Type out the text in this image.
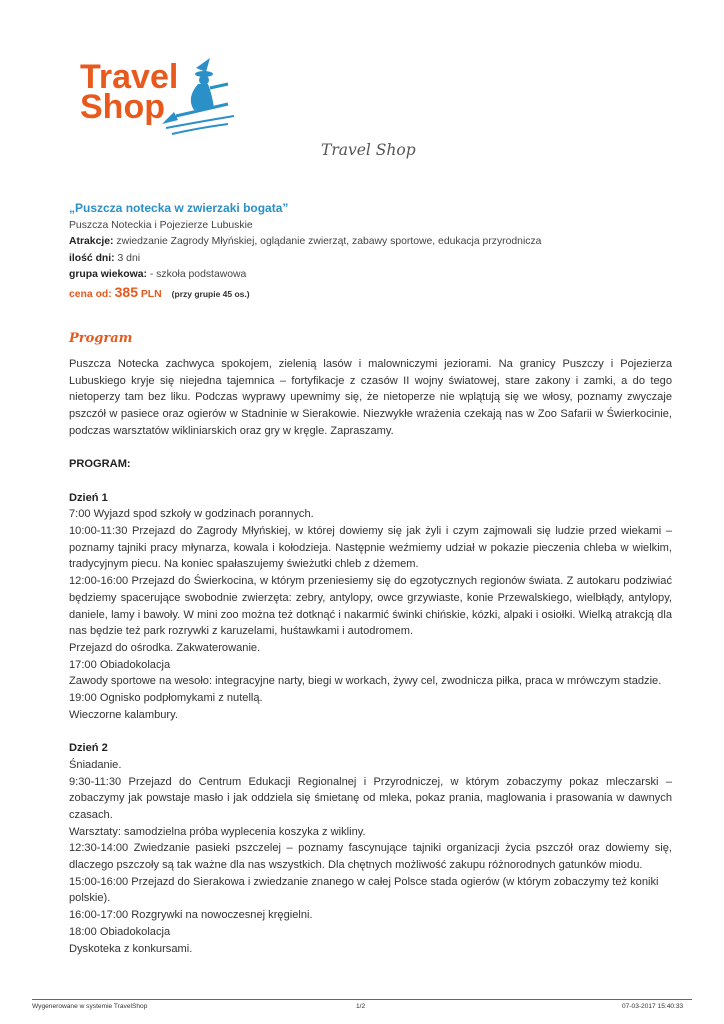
Travel
Shop
Travel Shop
„Puszcza notecka w zwierzaki bogata”
Puszcza Noteckia i Pojezierze Lubuskie
Atrakcje: zwiedzanie Zagrody Młyńskiej, oglądanie zwierząt, zabawy sportowe, edukacja przyrodnicza
ilość dni: 3 dni
grupa wiekowa: - szkoła podstawowa
cena od: 385 PLN (przy grupie 45 os.)
Program

Puszcza Notecka zachwyca spokojem, zielenią lasów i malowniczymi jeziorami. Na granicy Puszczy i Pojezierza Lubuskiego kryje się niejedna tajemnica – fortyfikacje z czasów II wojny światowej, stare zakony i zamki, a do tego nietoperzy tam bez liku. Podczas wyprawy upewnimy się, że nietoperze nie wplątują się we włosy, poznamy zwyczaje pszczół w pasiece oraz ogierów w Stadninie w Sierakowie. Niezwykłe wrażenia czekają nas w Zoo Safarii w Świerkocinie, podczas warsztatów wikliniarskich oraz gry w kręgle. Zapraszamy.

PROGRAM:

Dzień 1

7:00 Wyjazd spod szkoły w godzinach porannych.

10:00-11:30 Przejazd do Zagrody Młyńskiej, w której dowiemy się jak żyli i czym zajmowali się ludzie przed wiekami – poznamy tajniki pracy młynarza, kowala i kołodzieja. Następnie weźmiemy udział w pokazie pieczenia chleba w wielkim, tradycyjnym piecu. Na koniec spałaszujemy świeżutki chleb z dżemem.

12:00-16:00 Przejazd do Świerkocina, w którym przeniesiemy się do egzotycznych regionów świata. Z autokaru podziwiać będziemy spacerujące swobodnie zwierzęta: zebry, antylopy, owce grzywiaste, konie Przewalskiego, wielbłądy, antylopy, daniele, lamy i bawoły. W mini zoo można też dotknąć i nakarmić świnki chińskie, kózki, alpaki i osiołki. Wielką atrakcją dla nas będzie też park rozrywki z karuzelami, huśtawkami i autodromem.

Przejazd do ośrodka. Zakwaterowanie.

17:00 Obiadokolacja

Zawody sportowe na wesoło: integracyjne narty, biegi w workach, żywy cel, zwodnicza piłka, praca w mrówczym stadzie.

19:00 Ognisko podpłomykami z nutellą.

Wieczorne kalambury.

Dzień 2

Śniadanie.

9:30-11:30 Przejazd do Centrum Edukacji Regionalnej i Przyrodniczej, w którym zobaczymy pokaz mleczarski – zobaczymy jak powstaje masło i jak oddziela się śmietanę od mleka, pokaz prania, maglowania i prasowania w dawnych czasach.

Warsztaty: samodzielna próba wyplecenia koszyka z wikliny.

12:30-14:00 Zwiedzanie pasieki pszczelej – poznamy fascynujące tajniki organizacji życia pszczół oraz dowiemy się, dlaczego pszczoły są tak ważne dla nas wszystkich. Dla chętnych możliwość zakupu różnorodnych gatunków miodu.

15:00-16:00 Przejazd do Sierakowa i zwiedzanie znanego w całej Polsce stada ogierów (w którym zobaczymy też koniki polskie).

16:00-17:00 Rozgrywki na nowoczesnej kręgielni.

18:00 Obiadokolacja

Dyskoteka z konkursami.

Wygenerowane w systemie TravelShop	1/2	07-03-2017 15:40:33
